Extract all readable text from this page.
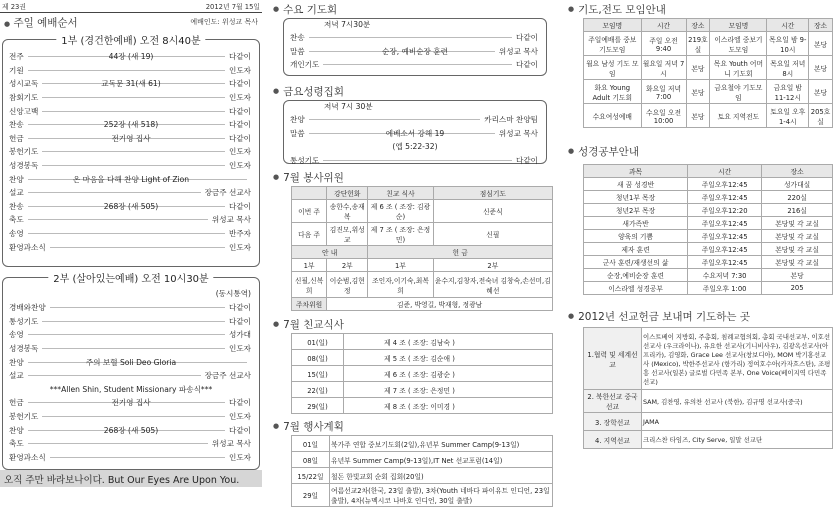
제 23권	2012년 7월 15일
● 주일 예배순서	예배인도: 위성교 목사
1부 (경건한예배) 오전 8시40분
전주	다같이
44장 (새 19)
기원	인도자
성시교독	다같이
교독문 31(새 61)
참회기도	인도자
신앙고백	다같이
찬송	다같이
252장 (새 518)
헌금	다같이
전기영 집사
봉헌기도	인도자
성경봉독	인도자
찬양	온 마음을 다해 찬양 Light of Zion
설교	장금주 선교사
찬송	다같이
268장 (새 505)
축도	위성교 목사
송영	반주자
환영과소식	인도자
2부 (살아있는예배) 오전 10시30분
(동시통역)
경배와찬양	다같이
통성기도	다같이
송영	성가대
성경봉독	인도자
찬양	주의 보혈 Soli Deo Gloria
설교	장금주 선교사
***Allen Shin, Student Missionary 파송식***
헌금	다같이
전기영 집사
봉헌기도	인도자
찬양	다같이
268장 (새 505)
축도	위성교 목사
환영과소식	인도자
오직 주만 바라보나이다. But Our Eyes Are Upon You.
● 수요 기도회
저녁 7시30분
찬송	다같이
말씀	위성교 목사
순장, 예비순장 훈련
개인기도	다같이
● 금요성령집회
저녁 7시 30분
찬양	카리스마 찬양팀
말씀	위성교 목사
에베소서 강해 19
(엡 5:22-32)
통성기도	다같이
● 7월 봉사위원
	강단헌화	친교 식사	점심기도
이번 주	송한수,송재복	제 6 조 ( 조장: 김광순)	신준식
다음 주	김진모,위성교	제 7 조 ( 조장: 은정민)	신필
안 내		헌 금	
1부	2부	1부	2부
신필,신복희	이순범,김현정	조인자,이기숙,최복희	윤수지,김창자,전숙녀 김창숙,손선미,김혜선
주차위원	김준, 박영길, 박재형, 정광남		
● 7월 친교식사
01(일)	제 4 조 ( 조장: 김남숙 )
08(일)	제 5 조 ( 조장: 김순애 )
15(일)	제 6 조 ( 조장: 김광순 )
22(일)	제 7 조 ( 조장: 은정민 )
29(일)	제 8 조 ( 조장: 이미경 )
● 7월 행사계획
01일	북가주 연합 중보기도회(2일),유년부 Summer Camp(9-13일)
08일	유년부 Summer Camp(9-13일),IT Net 선교포럼(14일)
15/22일	철돈 한빛교회 순회 집회(20일)
29일	여름선교2차(한국, 23일 출발), 3차(Youth 네바다 파이유트 인디언, 23일 출발), 4차(뉴멕시코 나바호 인디언, 30일 출발)
● 기도,전도 모임안내
모임명	시간	장소	모임명	시간	장소
주일예배를 중보기도모임	주일 오전 9:40	219호실	이스라엘 중보기도모임	목요일 밤 9-10시	본당
월요 남성 기도 모임	월요일 저녁 7시	본당	목요 Youth 어머니 기도회	목요일 저녁 8시	본당
화요 Young Adult 기도회	화요일 저녁7:00	본당	금요철야 기도모임	금요일 밤 11-12시	본당
수요여성예배	수요일 오전 10:00	본당	토요 지역전도	토요일 오후 1-4시	205호실
● 성경공부안내
과목	시간	장소
새 꿈 성경반	주일오후12:45	성가대실
청년1부 목장	주일오후12:45	220실
청년2부 목장	주일오후12:20	216실
새가족반	주일오후12:45	본당및 각 교실
양육의 기쁨	주일오후12:45	본당및 각 교실
제자 훈련	주일오후12:45	본당및 각 교실
군사 훈련/재생선의 삶	주일오후12:45	본당및 각 교실
순장,예비순장 훈련	수요저녁 7:30	본당
이스라엘 성경공부	주일오후 1:00	205
● 2012년 선교헌금 보내며 기도하는 곳
1.협력 및 세계선교	이스트베이 지방회, 주총회, 침례교협의회, 총회 국내선교부, 이호선선교사 (우크라이나), 유요한 선교사(기니비사우), 김광옥선교사(아프리카), 김영화, Grace Lee 선교사(창보디아), MOM 박기홍선교사 (Mexico), 박한주선교사 (항가리) 정여호수아(카자흐스탄), 조평흥 선교사(일본) 글로벌 다민족 본부, One Voice(베이지역 다민족선교)
2. 북한선교 중국선교	SAM, 김찬영, 유의찬 선교사 (북한), 김규명 선교사(중국)
3. 장학선교	JAMA
4. 지역선교	크리스찬 타임즈, City Serve, 일말 선교단
